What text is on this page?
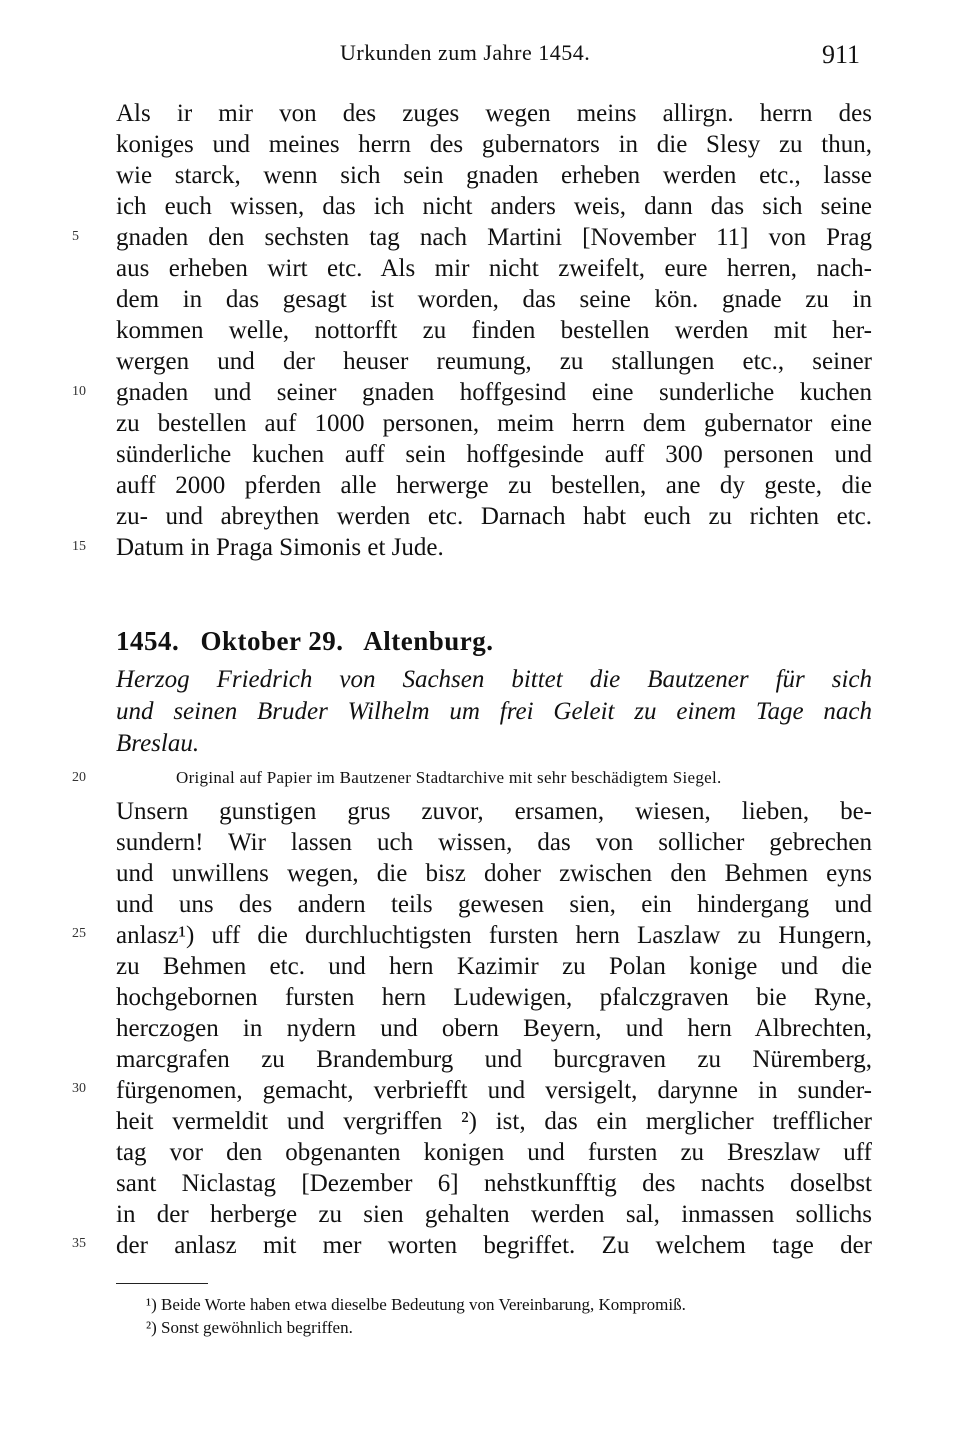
Urkunden zum Jahre 1454.	911
Als ir mir von des zuges wegen meins allirgn. herrn des
koniges und meines herrn des gubernators in die Slesy zu thun,
wie starck, wenn sich sein gnaden erheben werden etc., lasse
ich euch wissen, das ich nicht anders weis, dann das sich seine
gnaden den sechsten tag nach Martini [November 11] von Prag
aus erheben wirt etc. Als mir nicht zweifelt, eure herren, nach-
dem in das gesagt ist worden, das seine kön. gnade zu in
kommen welle, nottorfft zu finden bestellen werden mit her-
wergen und der heuser reumung, zu stallungen etc., seiner
gnaden und seiner gnaden hoffgesind eine sunderliche kuchen
zu bestellen auf 1000 personen, meim herrn dem gubernator eine
sünderliche kuchen auff sein hoffgesinde auff 300 personen und
auff 2000 pferden alle herwerge zu bestellen, ane dy geste, die
zu- und abreythen werden etc. Darnach habt euch zu richten etc.
Datum in Praga Simonis et Jude.
5
10
15
20
25
30
35
1454. Oktober 29. Altenburg.
Herzog Friedrich von Sachsen bittet die Bautzener für sich
und seinen Bruder Wilhelm um frei Geleit zu einem Tage nach
Breslau.
Original auf Papier im Bautzener Stadtarchive mit sehr beschädigtem Siegel.
Unsern gunstigen grus zuvor, ersamen, wiesen, lieben, be-
sundern! Wir lassen uch wissen, das von sollicher gebrechen
und unwillens wegen, die bisz doher zwischen den Behmen eyns
und uns des andern teils gewesen sien, ein hindergang und
anlasz¹) uff die durchluchtigsten fursten hern Laszlaw zu Hungern,
zu Behmen etc. und hern Kazimir zu Polan konige und die
hochgebornen fursten hern Ludewigen, pfalczgraven bie Ryne,
herczogen in nydern und obern Beyern, und hern Albrechten,
marcgrafen zu Brandemburg und burcgraven zu Nüremberg,
fürgenomen, gemacht, verbriefft und versigelt, darynne in sunder-
heit vermeldit und vergriffen ²) ist, das ein merglicher trefflicher
tag vor den obgenanten konigen und fursten zu Breszlaw uff
sant Niclastag [Dezember 6] nehstkunfftig des nachts doselbst
in der herberge zu sien gehalten werden sal, inmassen sollichs
der anlasz mit mer worten begriffet. Zu welchem tage der
¹) Beide Worte haben etwa dieselbe Bedeutung von Vereinbarung, Kompromiß.
²) Sonst gewöhnlich begriffen.
